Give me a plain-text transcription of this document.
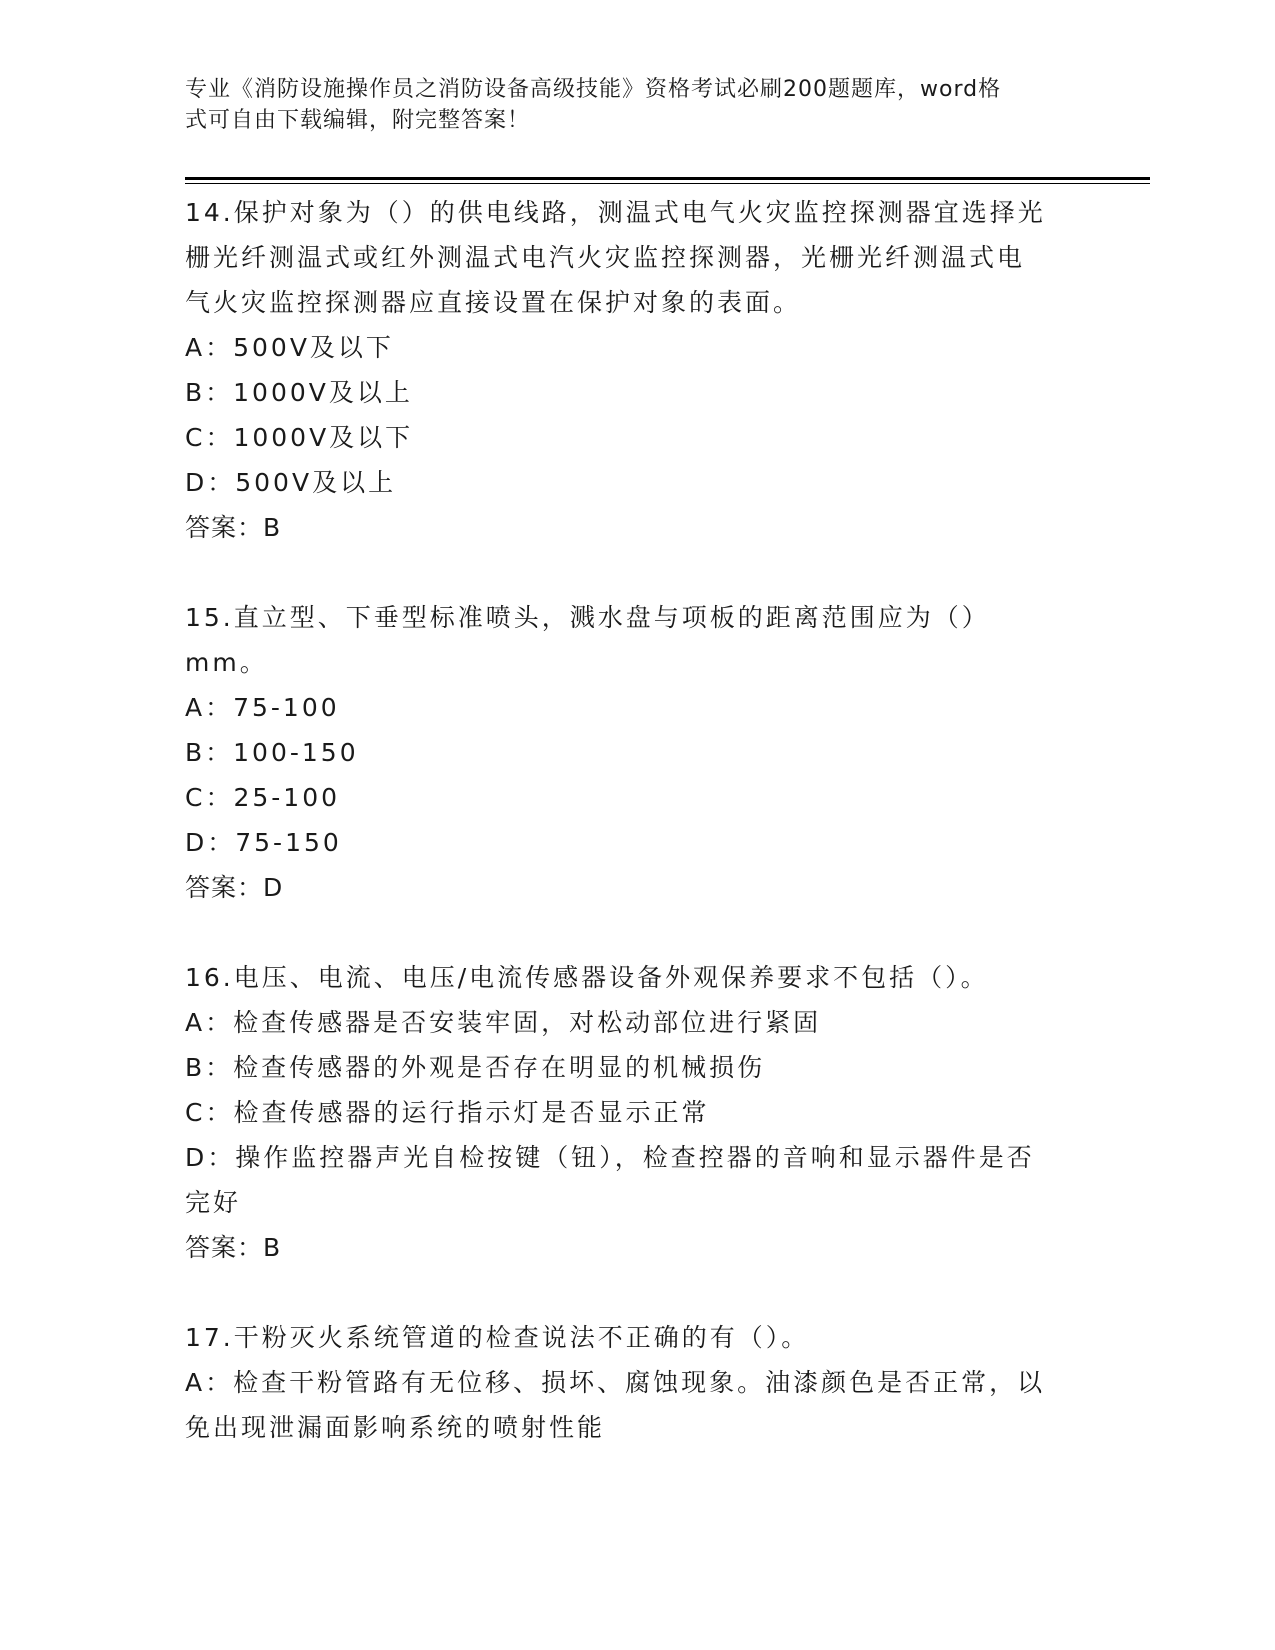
专业《消防设施操作员之消防设备高级技能》资格考试必刷200题题库，word格
式可自由下载编辑，附完整答案！
14.保护对象为（）的供电线路，测温式电气火灾监控探测器宜选择光
栅光纤测温式或红外测温式电汽火灾监控探测器，光栅光纤测温式电
气火灾监控探测器应直接设置在保护对象的表面。
A：500V及以下
B：1000V及以上
C：1000V及以下
D：500V及以上
答案：B
15.直立型、下垂型标准喷头，溅水盘与项板的距离范围应为（）mm。
A：75-100
B：100-150
C：25-100
D：75-150
答案：D
16.电压、电流、电压/电流传感器设备外观保养要求不包括（）。
A：检查传感器是否安装牢固，对松动部位进行紧固
B：检查传感器的外观是否存在明显的机械损伤
C：检查传感器的运行指示灯是否显示正常
D：操作监控器声光自检按键（钮），检查控器的音响和显示器件是否
完好
答案：B
17.干粉灭火系统管道的检查说法不正确的有（）。
A：检查干粉管路有无位移、损坏、腐蚀现象。油漆颜色是否正常，以
免出现泄漏面影响系统的喷射性能
